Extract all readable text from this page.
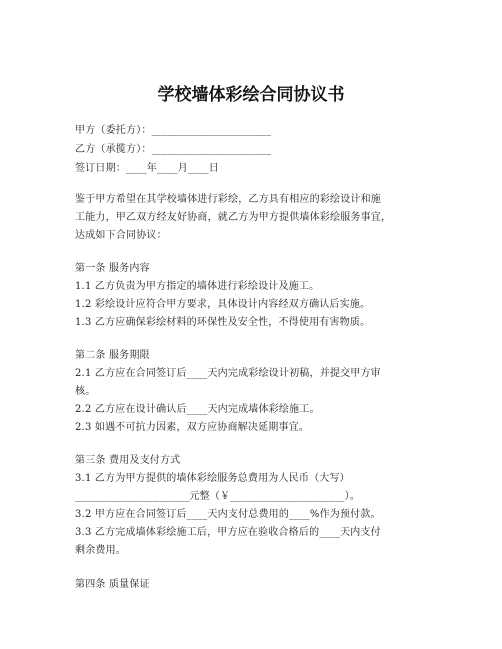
学校墙体彩绘合同协议书
甲方（委托方）：_______________________
乙方（承揽方）：_______________________
签订日期：____年____月____日
鉴于甲方希望在其学校墙体进行彩绘，乙方具有相应的彩绘设计和施
工能力，甲乙双方经友好协商，就乙方为甲方提供墙体彩绘服务事宜，
达成如下合同协议：
第一条 服务内容
1.1 乙方负责为甲方指定的墙体进行彩绘设计及施工。
1.2 彩绘设计应符合甲方要求，具体设计内容经双方确认后实施。
1.3 乙方应确保彩绘材料的环保性及安全性，不得使用有害物质。
第二条 服务期限
2.1 乙方应在合同签订后____天内完成彩绘设计初稿，并提交甲方审
核。
2.2 乙方应在设计确认后____天内完成墙体彩绘施工。
2.3 如遇不可抗力因素，双方应协商解决延期事宜。
第三条 费用及支付方式
3.1 乙方为甲方提供的墙体彩绘服务总费用为人民币（大写）
______________________元整（￥______________________）。
3.2 甲方应在合同签订后____天内支付总费用的____%作为预付款。
3.3 乙方完成墙体彩绘施工后，甲方应在验收合格后的____天内支付
剩余费用。
第四条 质量保证
